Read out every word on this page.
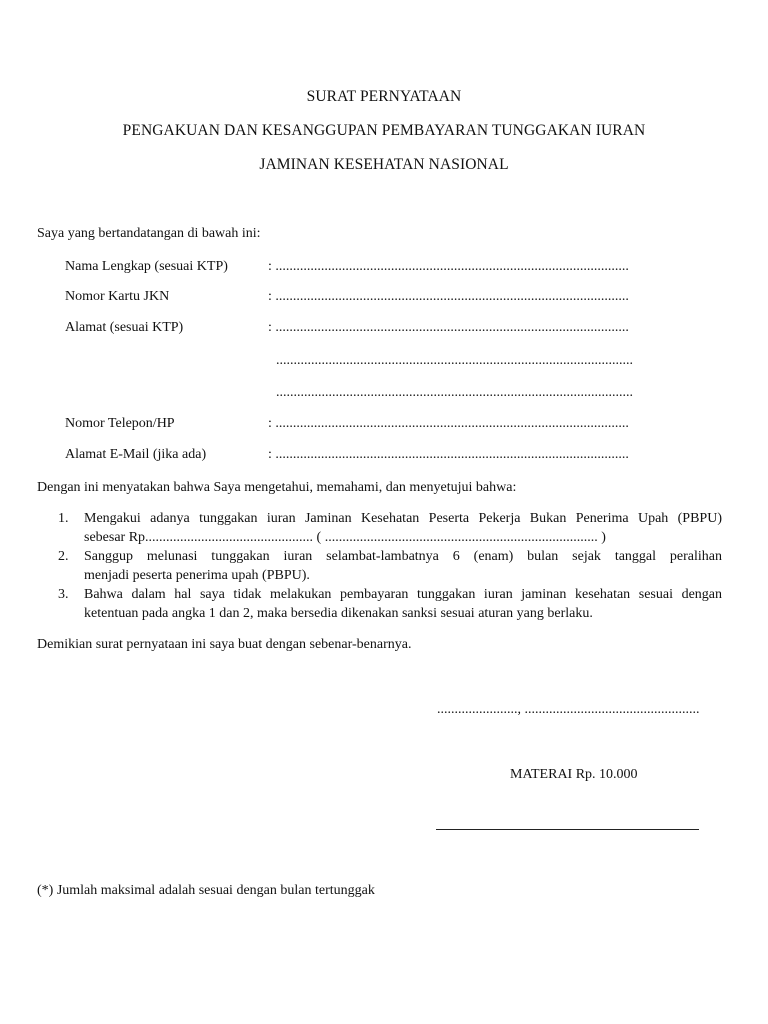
SURAT PERNYATAAN
PENGAKUAN DAN KESANGGUPAN PEMBAYARAN TUNGGAKAN IURAN
JAMINAN KESEHATAN NASIONAL
Saya yang bertandatangan di bawah ini:
Nama Lengkap (sesuai KTP)	: .....................................................................................................
Nomor Kartu JKN	: .....................................................................................................
Alamat (sesuai KTP)	: .....................................................................................................
......................................................................................................
......................................................................................................
Nomor Telepon/HP	: .....................................................................................................
Alamat E-Mail (jika ada)	: .....................................................................................................
Dengan ini menyatakan bahwa Saya mengetahui, memahami, dan menyetujui bahwa:
1. Mengakui adanya tunggakan iuran Jaminan Kesehatan Peserta Pekerja Bukan Penerima Upah (PBPU)
sebesar Rp................................................ ( .............................................................................. )
2. Sanggup melunasi tunggakan iuran selambat-lambatnya 6 (enam) bulan sejak tanggal peralihan
menjadi peserta penerima upah (PBPU).
3. Bahwa dalam hal saya tidak melakukan pembayaran tunggakan iuran jaminan kesehatan sesuai dengan
ketentuan pada angka 1 dan 2, maka bersedia dikenakan sanksi sesuai aturan yang berlaku.
Demikian surat pernyataan ini saya buat dengan sebenar-benarnya.
......................., ..................................................
MATERAI Rp. 10.000
(*) Jumlah maksimal adalah sesuai dengan bulan tertunggak
